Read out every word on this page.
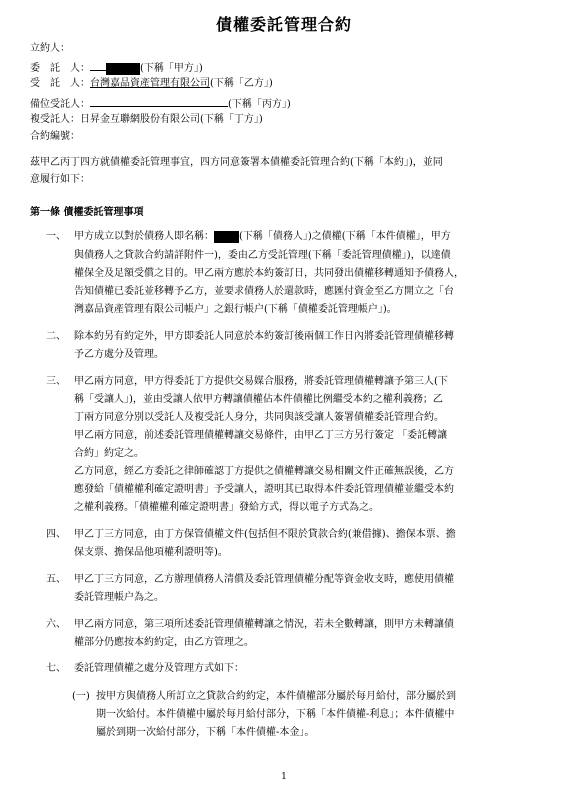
債權委託管理合約
立約人：
委　託　人：	(下稱「甲方」)
受　託　人：台灣嘉品資產管理有限公司(下稱「乙方」)
備位受託人：	(下稱「丙方」)
複受託人：日昇金互聯網股份有限公司(下稱「丁方」)
合約編號：
茲甲乙丙丁四方就債權委託管理事宜，四方同意簽署本債權委託管理合約(下稱「本約」)，並同
意履行如下：
第一條 債權委託管理事項
一、 甲方成立以對於債務人即名稱：	(下稱「債務人」)之債權(下稱「本件債權」，甲方
與債務人之貸款合約請詳附件一)，委由乙方受託管理(下稱「委託管理債權」)，以達債
權保全及足額受償之目的。甲乙兩方應於本約簽訂日，共同發出債權移轉通知予債務人，
告知債權已委託並移轉予乙方，並要求債務人於還款時，應匯付資金至乙方開立之「台
灣嘉品資產管理有限公司帳户」之銀行帳户(下稱「債權委託管理帳户」)。
二、 除本約另有約定外，甲方即委託人同意於本約簽訂後兩個工作日內將委託管理債權移轉
予乙方處分及管理。
三、 甲乙兩方同意，甲方得委託丁方提供交易媒合服務，將委託管理債權轉讓予第三人(下
稱「受讓人」)，並由受讓人依甲方轉讓債權佔本件債權比例繼受本約之權利義務；乙
丁兩方同意分別以受託人及複受託人身分，共同與該受讓人簽署債權委託管理合約。
甲乙兩方同意，前述委託管理債權轉讓交易條件，由甲乙丁三方另行簽定 「委託轉讓
合約」約定之。
乙方同意，經乙方委託之律師確認丁方提供之債權轉讓交易相關文件正確無誤後，乙方
應發給「債權權利確定證明書」予受讓人，證明其已取得本件委託管理債權並繼受本約
之權利義務。「債權權利確定證明書」發給方式，得以電子方式為之。
四、 甲乙丁三方同意，由丁方保管債權文件(包括但不限於貸款合約(兼借據)、擔保本票、擔
保支票、擔保品他項權利證明等)。
五、 甲乙丁三方同意，乙方辦理債務人清償及委託管理債權分配等資金收支時，應使用債權
委託管理帳户為之。
六、 甲乙兩方同意，第三項所述委託管理債權轉讓之情況，若未全數轉讓，則甲方未轉讓債
權部分仍應按本約約定，由乙方管理之。
七、 委託管理債權之處分及管理方式如下：
(一) 按甲方與債務人所訂立之貸款合約約定，本件債權部分屬於每月給付，部分屬於到
期一次給付。本件債權中屬於每月給付部分，下稱「本件債權-利息」；本件債權中
屬於到期一次給付部分，下稱「本件債權-本金」。
1
